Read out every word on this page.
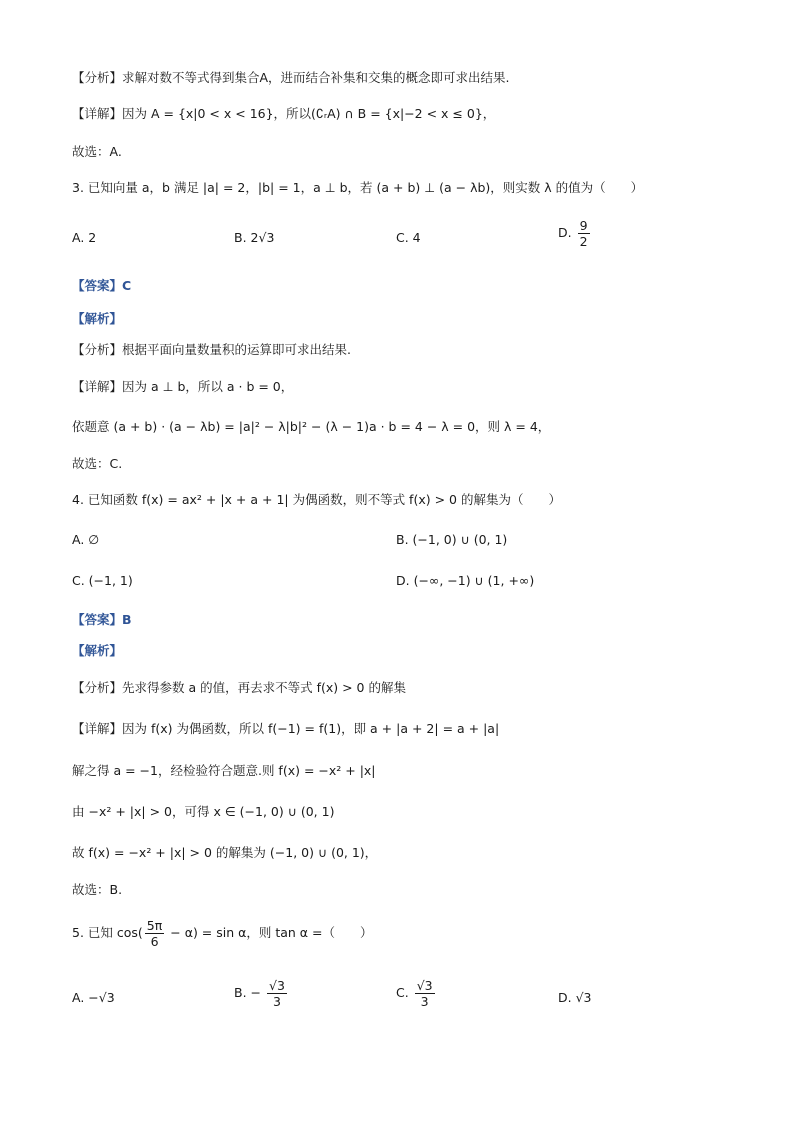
【分析】求解对数不等式得到集合A，进而结合补集和交集的概念即可求出结果.
【详解】因为 A = {x|0 < x < 16}，所以(∁ᵣA) ∩ B = {x|−2 < x ≤ 0}，
故选：A.
3. 已知向量 a，b 满足 |a| = 2，|b| = 1，a ⊥ b，若 (a + b) ⊥ (a − λb)，则实数 λ 的值为（　　）
A. 2	B. 2√3	C. 4	D. $\frac{9}{2}$
【答案】C
【解析】
【分析】根据平面向量数量积的运算即可求出结果.
【详解】因为 a ⊥ b，所以 a · b = 0，
依题意 (a + b) · (a − λb) = |a|² − λ|b|² − (λ − 1)a · b = 4 − λ = 0，则 λ = 4，
故选：C.
4. 已知函数 f(x) = ax² + |x + a + 1| 为偶函数，则不等式 f(x) > 0 的解集为（　　）
A. ∅	B. (−1, 0) ∪ (0, 1)
C. (−1, 1)	D. (−∞, −1) ∪ (1, +∞)
【答案】B
【解析】
【分析】先求得参数 a 的值，再去求不等式 f(x) > 0 的解集
【详解】因为 f(x) 为偶函数，所以 f(−1) = f(1)，即 a + |a + 2| = a + |a|
解之得 a = −1，经检验符合题意.则 f(x) = −x² + |x|
由 −x² + |x| > 0，可得 x ∈ (−1, 0) ∪ (0, 1)
故 f(x) = −x² + |x| > 0 的解集为 (−1, 0) ∪ (0, 1)，
故选：B.
5. 已知 $\cos( \frac{5\pi}{6} - \alpha) = \sin \alpha$，则 tan α =（　　）
A. −√3	B. − $\frac{√3}{3}$	C. $\frac{√3}{3}$	D. √3
